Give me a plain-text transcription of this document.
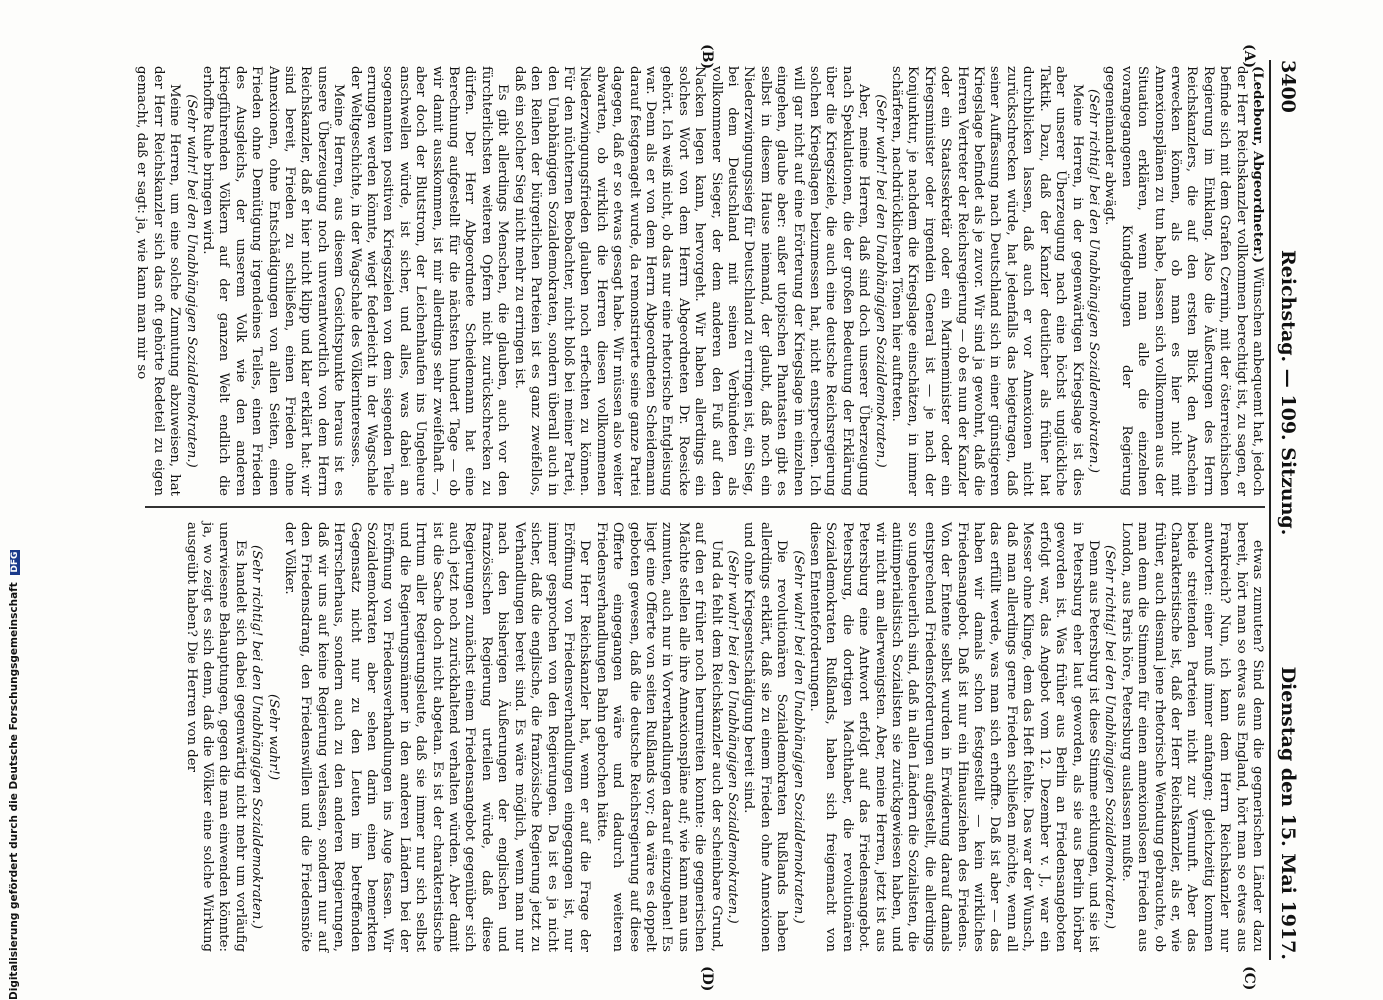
3400
Reichstag. — 109. Sitzung.
Dienstag den 15. Mai 1917.
(A)
(B)
(C)
(D)

(Ledebour, Abgeordneter.) Wünschen anbequemt hat, jedoch der Herr Reichskanzler vollkommen berechtigt ist, zu sagen, er befinde sich mit dem Grafen Czernin, mit der österreichischen Regierung im Einklang. Also die Äußerungen des Herrn Reichskanzlers, die auf den ersten Blick den Anschein erwecken können, als ob man es hier nicht mit Annexionsplänen zu tun habe, lassen sich vollkommen aus der Situation erklären, wenn man alle die einzelnen vorangegangenen Kundgebungen der Regierung gegeneinander abwägt.

(Sehr richtig! bei den Unabhängigen Sozialdemokraten.)

Meine Herren, in der gegenwärtigen Kriegslage ist dies aber unserer Überzeugung nach eine höchst unglückliche Taktik. Dazu, daß der Kanzler deutlicher als früher hat durchblicken lassen, daß auch er vor Annexionen nicht zurückschrecken würde, hat jedenfalls das beigetragen, daß seiner Auffassung nach Deutschland sich in einer günstigeren Kriegslage befindet als je zuvor. Wir sind ja gewohnt, daß die Herren Vertreter der Reichsregierung — ob es nun der Kanzler oder ein Staatssekretär oder ein Marineminister oder ein Kriegsminister oder irgendein General ist — je nach der Konjunktur, je nachdem die Kriegslage einschätzen, in immer schärferen, nachdrücklicheren Tönen hier auftreten.

(Sehr wahr! bei den Unabhängigen Sozialdemokraten.)

Aber, meine Herren, daß sind doch unserer Überzeugung nach Spekulationen, die der großen Bedeutung der Erklärung über die Kriegsziele, die auch eine deutsche Reichsregierung solchen Kriegslagen beizumessen hat, nicht entsprechen. Ich will gar nicht auf eine Erörterung der Kriegslage im einzelnen eingehen, glaube aber: außer utopischen Phantasten gibt es selbst in diesem Hause niemand, der glaubt, daß noch ein Niederzwingungssieg für Deutschland zu erringen ist, ein Sieg, bei dem Deutschland mit seinen Verbündeten als vollkommener Sieger, der dem anderen den Fuß auf den Nacken legen kann, hervorgeht. Wir haben allerdings ein solches Wort von dem Herrn Abgeordneten Dr. Roesicke gehört. Ich weiß nicht, ob das nur eine rhetorische Entgleisung war. Denn als er von dem Herrn Abgeordneten Scheidemann darauf festgenagelt wurde, da remonstrierte seine ganze Partei dagegen, daß er so etwas gesagt habe. Wir müssen also weiter abwarten, ob wirklich die Herren diesen vollkommenen Niederzwingungsfrieden glauben noch erfechten zu können. Für den nüchternen Beobachter, nicht bloß bei meiner Partei, den Unabhängigen Sozialdemokraten, sondern überall auch in den Reihen der bürgerlichen Parteien ist es ganz zweifellos, daß ein solcher Sieg nicht mehr zu erringen ist.

Es gibt allerdings Menschen, die glauben, auch vor den fürchterlichsten weiteren Opfern nicht zurückschrecken zu dürfen. Der Herr Abgeordnete Scheidemann hat eine Berechnung aufgestellt für die nächsten hundert Tage — ob wir damit ausskommen, ist mir allerdings sehr zweifelhaft —, aber doch der Blutstrom, der Leichenhaufen ins Ungeheure anschwellen würde, ist sicher, und alles, was dabei an sogenannten positiven Kriegszielen von dem siegenden Teile errungen werden könnte, wiegt federleicht in der Wagschale der Weltgeschichte, in der Wagschale des Völkerinteresses.

Meine Herren, aus diesem Gesichtspunkte heraus ist es unsere Überzeugung noch unverantwortlich von dem Herrn Reichskanzler, daß er hier nicht klipp und klar erklärt hat: wir sind bereit, Frieden zu schließen, einen Frieden ohne Annexionen, ohne Entschädigungen von allen Seiten, einen Frieden ohne Demütigung irgendeines Teiles, einen Frieden des Ausgleichs, der unserem Volk wie den anderen kriegführenden Völkern auf der ganzen Welt endlich die erhoffte Ruhe bringen wird.

(Sehr wahr! bei den Unabhängigen Sozialdemokraten.)

Meine Herren, um eine solche Zumutung abzuweisen, hat der Herr Reichskanzler sich das oft gehörte Redeteil zu eigen gemacht, daß er sagt: ja, wie kann man mir so

etwas zumuten? Sind denn die gegnerischen Länder dazu bereit, hört man so etwas aus England, hört man so etwas aus Frankreich? Nun, ich kann dem Herrn Reichskanzler nur antworten: einer muß immer anfangen; gleichzeitig kommen beide streitenden Parteien nicht zur Vernunft. Aber das Charakteristische ist, daß der Herr Reichskanzler, als er, wie früher, auch diesmal jene rhetorische Wendung gebrauchte, ob man denn die Stimmen für einen annexionslosen Frieden aus London, aus Paris höre, Petersburg auslassen mußte.

(Sehr richtig! bei den Unabhängigen Sozialdemokraten.)

Denn aus Petersburg ist diese Stimme erklungen, und sie ist in Petersburg eher laut geworden, als sie aus Berlin hörbar geworden ist. Was früher aus Berlin an Friedensangeboten erfolgt war, das Angebot vom 12. Dezember v. J., war ein Messer ohne Klinge, dem das Heft fehlte. Das war der Wunsch, daß man allerdings gerne Frieden schließen möchte, wenn all das erfüllt werde, was man sich erhoffte. Daß ist aber — das haben wir damals schon festgestellt — kein wirkliches Friedensangebot. Daß ist nur ein Hinausziehen des Friedens. Von der Entente selbst wurden in Erwiderung darauf damals entsprechend Friedensforderungen aufgestellt, die allerdings so ungeheuerlich sind, daß in allen Ländern die Sozialisten, die antiimperialistisch Sozialisten sie zurückgewiesen haben, und wir nicht am allerwenigsten. Aber, meine Herren, jetzt ist aus Petersburg eine Antwort erfolgt auf das Friedensangebot. Petersburg, die dortigen Machthaber, die revolutionären Sozialdemokraten Rußlands, haben sich freigemacht von diesen Ententeforderungen.

(Sehr wahr! bei den Unabhängigen Sozialdemokraten.)

Die revolutionären Sozialdemokraten Rußlands haben allerdings erklärt, daß sie zu einem Frieden ohne Annexionen und ohne Kriegsentschädigung bereit sind.

(Sehr wahr! bei den Unabhängigen Sozialdemokraten.)

Und da fehlt dem Reichskanzler auch der scheinbare Grund, auf den er früher noch herumreiten konnte: die gegnerischen Mächte stellen alle ihre Annexionspläne auf; wie kann man uns zumuten, auch nur in Vorverhandlungen darauf einzugehen! Es liegt eine Offerte von seiten Rußlands vor; da wäre es doppelt geboten gewesen, daß die deutsche Reichsregierung auf diese Offerte eingegangen wäre und dadurch weiteren Friedensverhandlungen Bahn gebrochen hätte.

Der Herr Reichskanzler hat, wenn er auf die Frage der Eröffnung von Friedensverhandlungen eingegangen ist, nur immer gesprochen von den Regierungen. Da ist es ja nicht sicher, daß die englische, die französische Regierung jetzt zu Verhandlungen bereit sind. Es wäre möglich, wenn man nur nach den bisherigen Äußerungen der englischen und französischen Regierung urteilen würde, daß diese Regierungen zunächst einem Friedensangebot gegenüber sich auch jetzt noch zurückhaltend verhalten würden. Aber damit ist die Sache doch nicht abgetan. Es ist der charakteristische Irrtum aller Regierungsleute, daß sie immer nur sich selbst und die Regierungsmänner in den anderen Ländern bei der Eröffnung von Friedensverhandlungen ins Auge fassen. Wir Sozialdemokraten aber sehen darin einen bemerkten Gegensatz nicht nur zu den Leuten im betreffenden Herrscherhaus, sondern auch zu den anderen Regierungen, daß wir uns auf keine Regierung verlassen, sondern nur auf den Friedensdrang, den Friedenswillen und die Friedensnöte der Völker.

(Sehr wahr!)

(Sehr richtig! bei den Unabhängigen Sozialdemokraten.)

Es handelt sich dabei gegenwärtig nicht mehr um vorläufig unerwiesene Behauptungen, gegen die man einwenden könnte: ja, wo zeigt es sich denn, daß die Völker eine solche Wirkung ausgeübt haben? Die Herren von der

Digitalisierung gefördert durch die Deutsche Forschungsgemeinschaft DFG
